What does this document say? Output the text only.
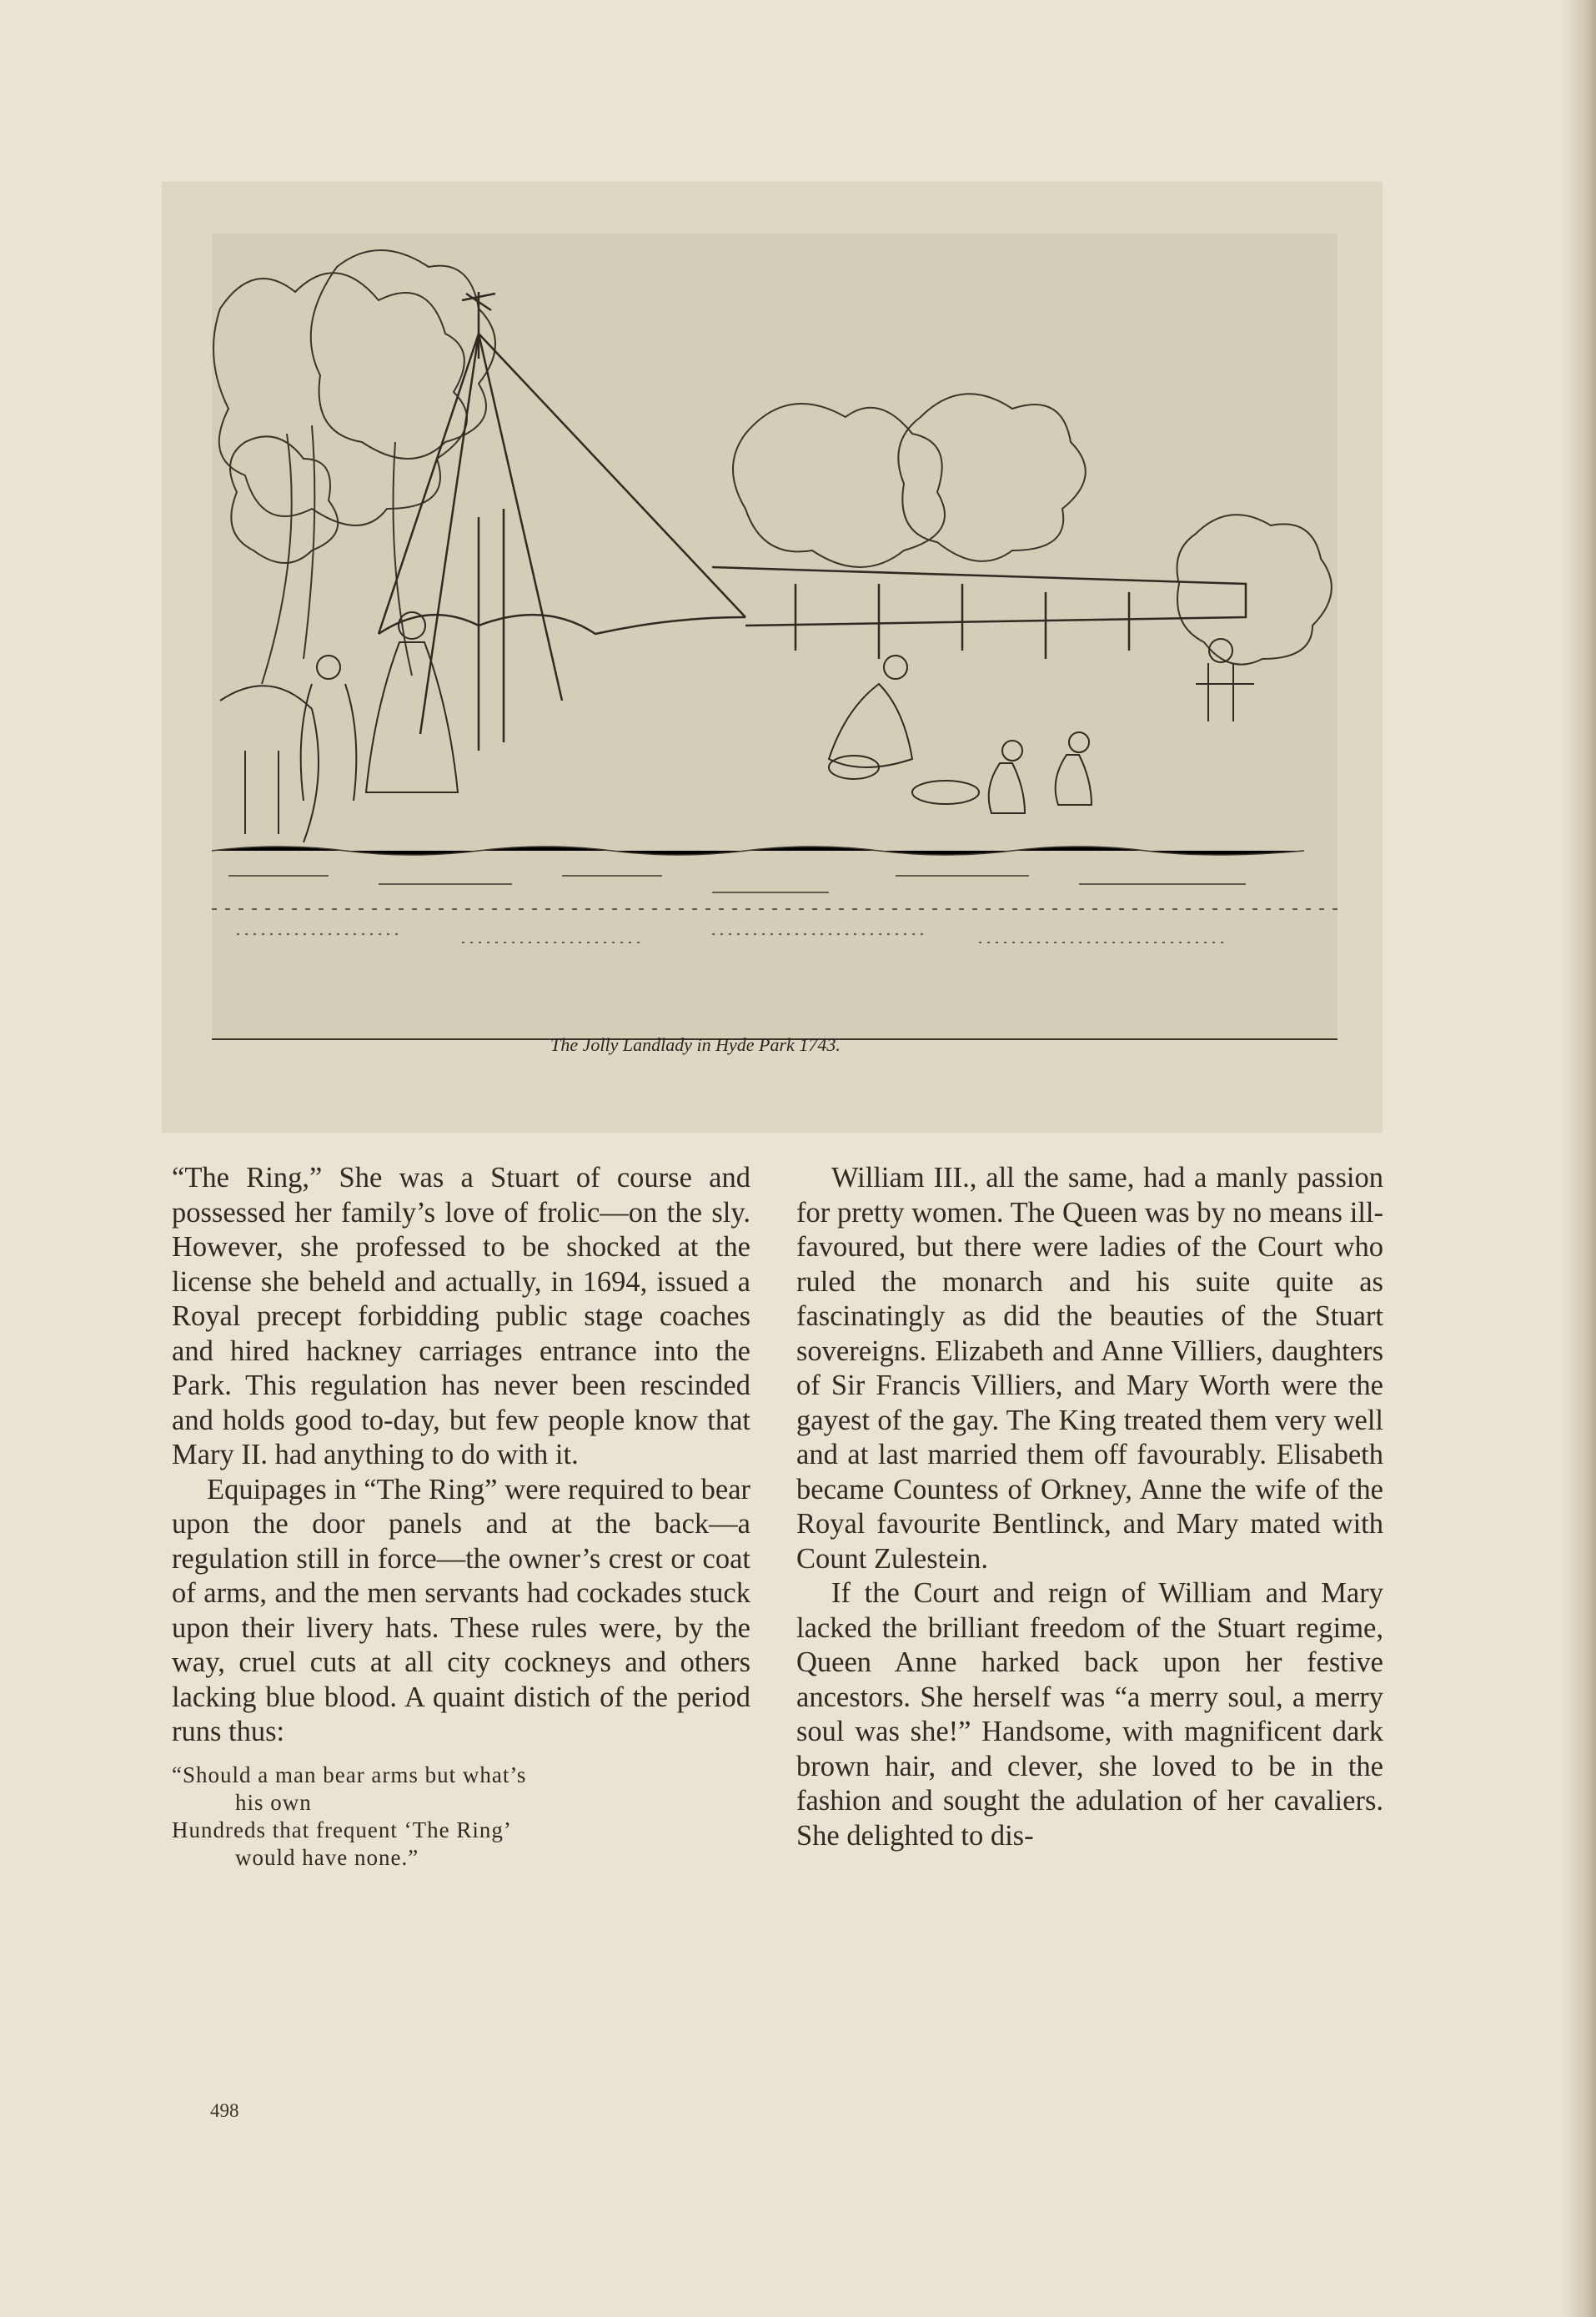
The Jolly Landlady in Hyde Park 1743.

“The Ring,” She was a Stuart of course and possessed her family’s love of frolic—on the sly. However, she professed to be shocked at the license she beheld and actually, in 1694, issued a Royal precept forbidding public stage coaches and hired hackney carriages entrance into the Park. This regulation has never been rescinded and holds good to-day, but few people know that Mary II. had anything to do with it.

Equipages in “The Ring” were required to bear upon the door panels and at the back—a regulation still in force—the owner’s crest or coat of arms, and the men servants had cockades stuck upon their livery hats. These rules were, by the way, cruel cuts at all city cockneys and others lacking blue blood. A quaint distich of the period runs thus:

“Should a man bear arms but what’s
his own
Hundreds that frequent ‘The Ring’
would have none.”

William III., all the same, had a manly passion for pretty women. The Queen was by no means ill-favoured, but there were ladies of the Court who ruled the monarch and his suite quite as fascinatingly as did the beauties of the Stuart sovereigns. Elizabeth and Anne Villiers, daughters of Sir Francis Villiers, and Mary Worth were the gayest of the gay. The King treated them very well and at last married them off favourably. Elisabeth became Countess of Orkney, Anne the wife of the Royal favourite Bentlinck, and Mary mated with Count Zulestein.

If the Court and reign of William and Mary lacked the brilliant freedom of the Stuart regime, Queen Anne harked back upon her festive ancestors. She herself was “a merry soul, a merry soul was she!” Handsome, with magnificent dark brown hair, and clever, she loved to be in the fashion and sought the adulation of her cavaliers. She delighted to dis-

498
